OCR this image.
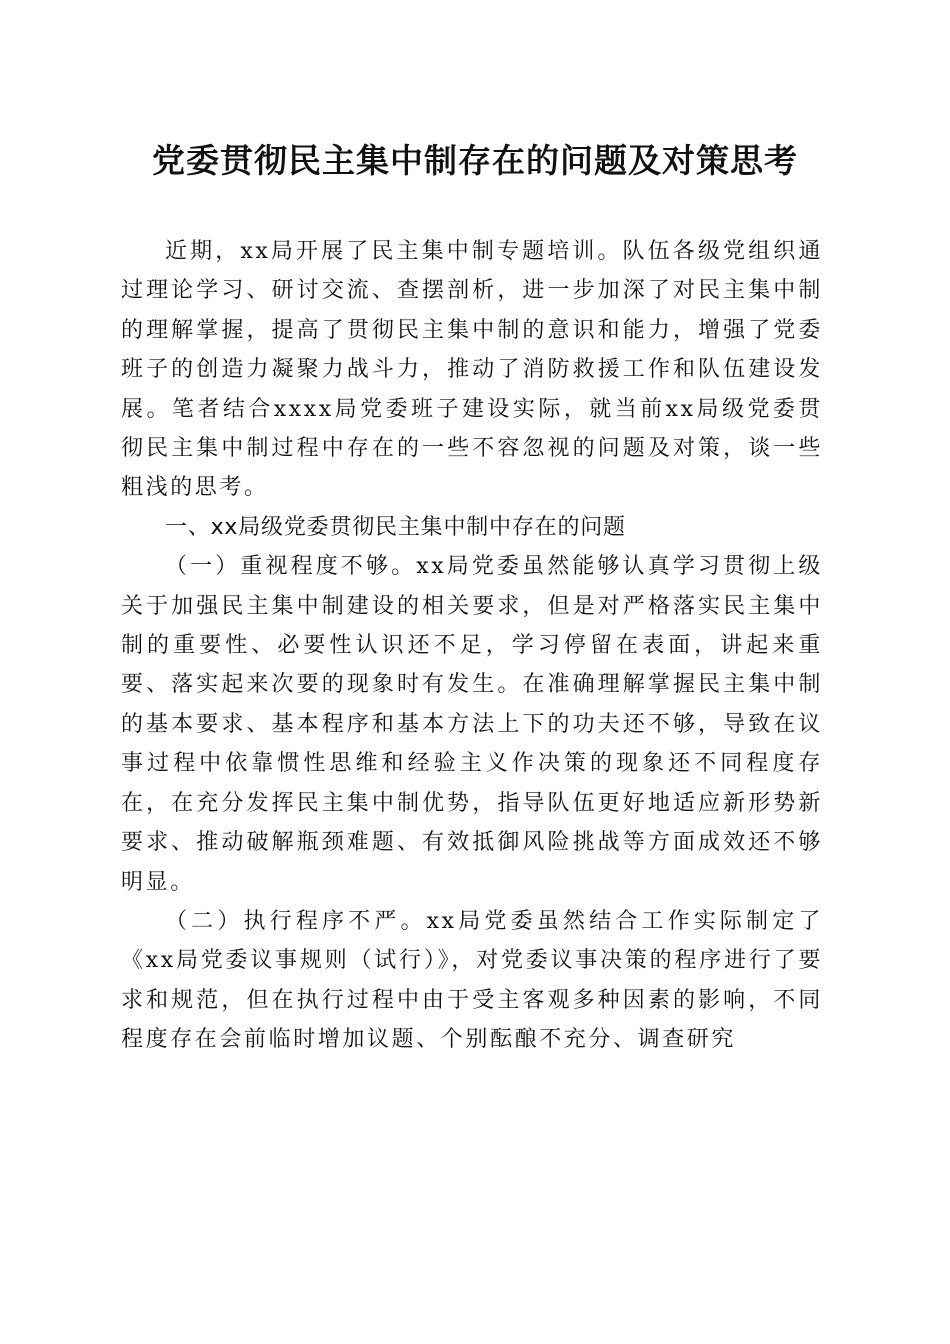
党委贯彻民主集中制存在的问题及对策思考

近期，xx局开展了民主集中制专题培训。队伍各级党组织通过理论学习、研讨交流、查摆剖析，进一步加深了对民主集中制的理解掌握，提高了贯彻民主集中制的意识和能力，增强了党委班子的创造力凝聚力战斗力，推动了消防救援工作和队伍建设发展。笔者结合xxxx局党委班子建设实际，就当前xx局级党委贯彻民主集中制过程中存在的一些不容忽视的问题及对策，谈一些粗浅的思考。

一、xx局级党委贯彻民主集中制中存在的问题

（一）重视程度不够。xx局党委虽然能够认真学习贯彻上级关于加强民主集中制建设的相关要求，但是对严格落实民主集中制的重要性、必要性认识还不足，学习停留在表面，讲起来重要、落实起来次要的现象时有发生。在准确理解掌握民主集中制的基本要求、基本程序和基本方法上下的功夫还不够，导致在议事过程中依靠惯性思维和经验主义作决策的现象还不同程度存在，在充分发挥民主集中制优势，指导队伍更好地适应新形势新要求、推动破解瓶颈难题、有效抵御风险挑战等方面成效还不够明显。

（二）执行程序不严。xx局党委虽然结合工作实际制定了《xx局党委议事规则（试行）》，对党委议事决策的程序进行了要求和规范，但在执行过程中由于受主客观多种因素的影响，不同程度存在会前临时增加议题、个别酝酿不充分、调查研究
